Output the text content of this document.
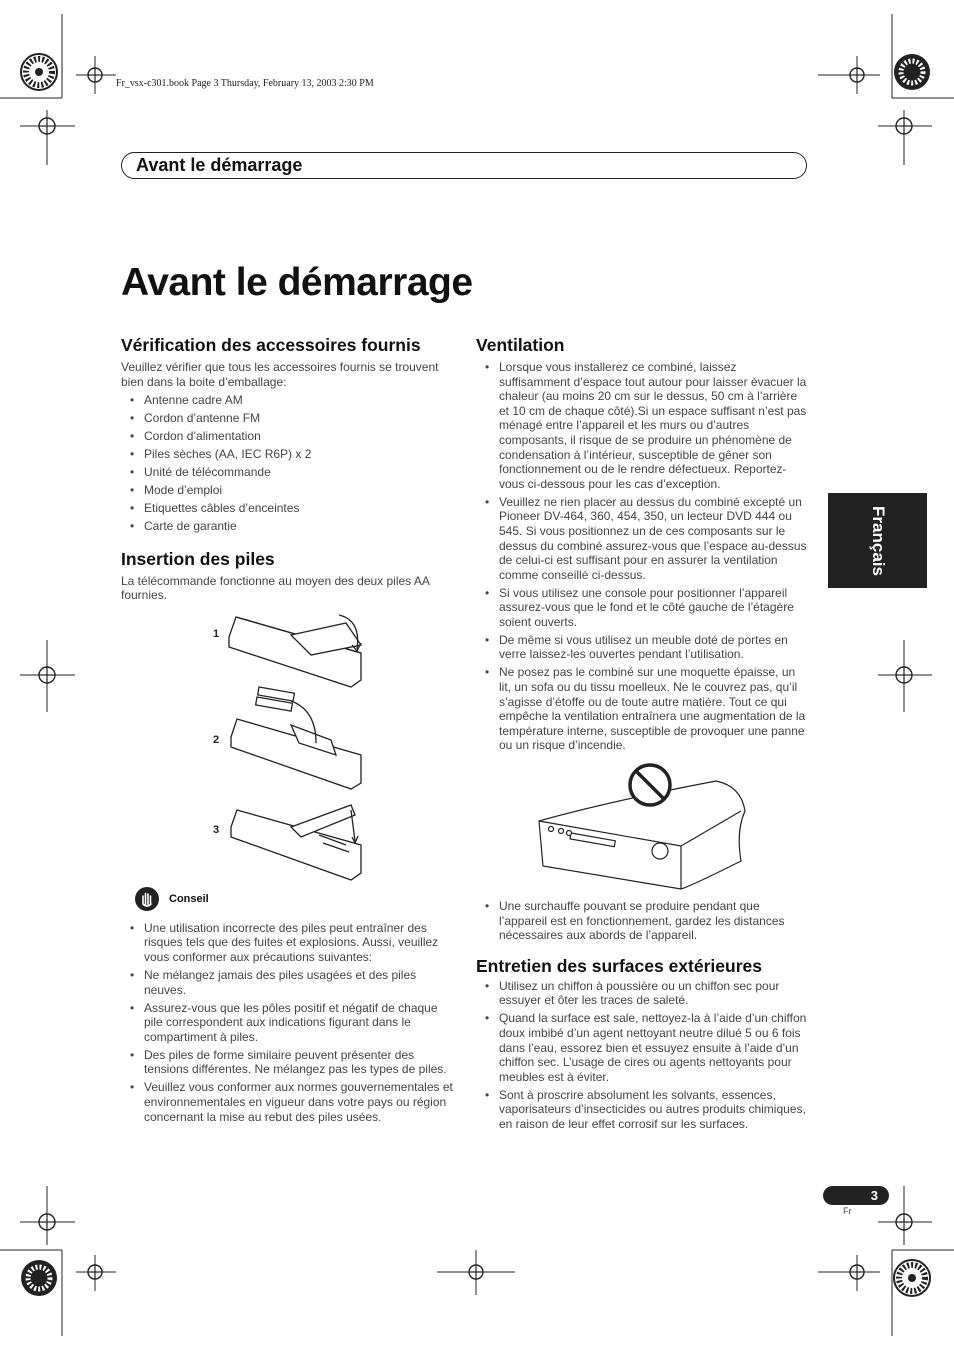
Fr_vsx-c301.book Page 3 Thursday, February 13, 2003 2:30 PM
Avant le démarrage
Avant le démarrage
Français
Vérification des accessoires fournis

Veuillez vérifier que tous les accessoires fournis se trouvent bien dans la boite d’emballage:

• Antenne cadre AM
• Cordon d’antenne FM
• Cordon d’alimentation
• Piles sèches (AA, IEC R6P) x 2
• Unité de télécommande
• Mode d’emploi
• Etiquettes câbles d’enceintes
• Carte de garantie
Insertion des piles

La télécommande fonctionne au moyen des deux piles AA fournies.

1
2
3
Conseil
• Une utilisation incorrecte des piles peut entraîner des risques tels que des fuites et explosions. Aussi, veuillez vous conformer aux précautions suivantes:
• Ne mélangez jamais des piles usagées et des piles neuves.
• Assurez-vous que les pôles positif et négatif de chaque pile correspondent aux indications figurant dans le compartiment à piles.
• Des piles de forme similaire peuvent présenter des tensions différentes. Ne mélangez pas les types de piles.
• Veuillez vous conformer aux normes gouvernementales et environnementales en vigueur dans votre pays ou région concernant la mise au rebut des piles usées.
Ventilation
• Lorsque vous installerez ce combiné, laissez suffisamment d’espace tout autour pour laisser évacuer la chaleur (au moins 20 cm sur le dessus, 50 cm à l’arrière et 10 cm de chaque côté).Si un espace suffisant n’est pas ménagé entre l’appareil et les murs ou d’autres composants, il risque de se produire un phénomène de condensation à l’intérieur, susceptible de gêner son fonctionnement ou de le rendre défectueux. Reportez-vous ci-dessous pour les cas d’exception.
• Veuillez ne rien placer au dessus du combiné excepté un Pioneer DV-464, 360, 454, 350, un lecteur DVD 444 ou 545. Si vous positionnez un de ces composants sur le dessus du combiné assurez-vous que l’espace au-dessus de celui-ci est suffisant pour en assurer la ventilation comme conseillé ci-dessus.
• Si vous utilisez une console pour positionner l’appareil assurez-vous que le fond et le côté gauche de l’étagère soient ouverts.
• De même si vous utilisez un meuble doté de portes en verre laissez-les ouvertes pendant l’utilisation.
• Ne posez pas le combiné sur une moquette épaisse, un lit, un sofa ou du tissu moelleux. Ne le couvrez pas, qu’il s’agisse d’étoffe ou de toute autre matière. Tout ce qui empêche la ventilation entraînera une augmentation de la température interne, susceptible de provoquer une panne ou un risque d’incendie.
• Une surchauffe pouvant se produire pendant que l’appareil est en fonctionnement, gardez les distances nécessaires aux abords de l’appareil.
Entretien des surfaces extérieures
• Utilisez un chiffon à poussière ou un chiffon sec pour essuyer et ôter les traces de saleté.
• Quand la surface est sale, nettoyez-la à l’aide d’un chiffon doux imbibé d’un agent nettoyant neutre dilué 5 ou 6 fois dans l’eau, essorez bien et essuyez ensuite à l’aide d’un chiffon sec. L’usage de cires ou agents nettoyants pour meubles est à éviter.
• Sont à proscrire absolument les solvants, essences, vaporisateurs d’insecticides ou autres produits chimiques, en raison de leur effet corrosif sur les surfaces.
3
Fr
